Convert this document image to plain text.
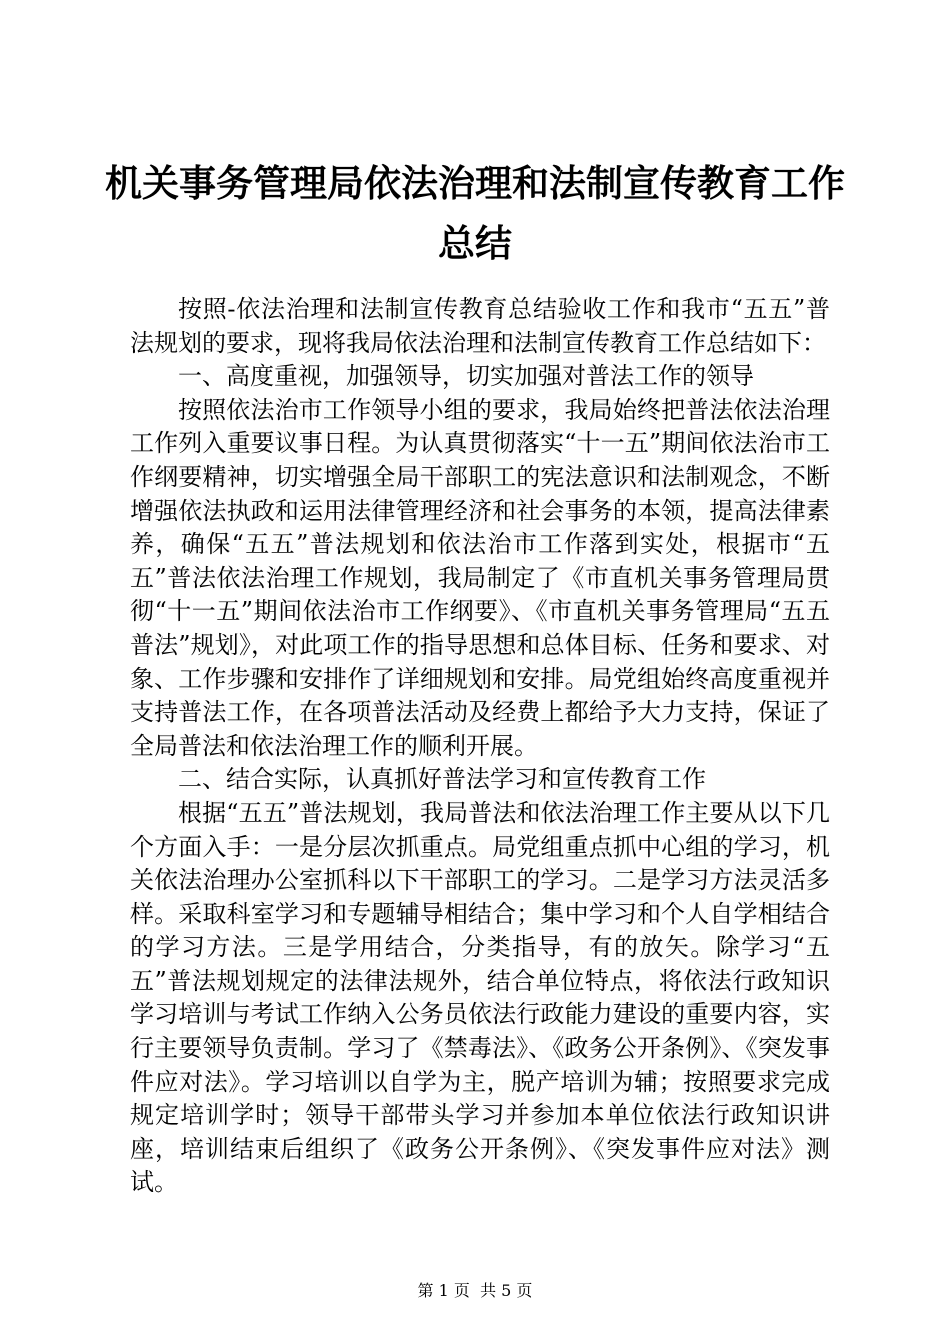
机关事务管理局依法治理和法制宣传教育工作
总结

按照-依法治理和法制宣传教育总结验收工作和我市“五五”普法规划的要求，现将我局依法治理和法制宣传教育工作总结如下：

一、高度重视，加强领导，切实加强对普法工作的领导

按照依法治市工作领导小组的要求，我局始终把普法依法治理工作列入重要议事日程。为认真贯彻落实“十一五”期间依法治市工作纲要精神，切实增强全局干部职工的宪法意识和法制观念，不断增强依法执政和运用法律管理经济和社会事务的本领，提高法律素养，确保“五五”普法规划和依法治市工作落到实处，根据市“五五”普法依法治理工作规划，我局制定了《市直机关事务管理局贯彻“十一五”期间依法治市工作纲要》、《市直机关事务管理局“五五普法”规划》，对此项工作的指导思想和总体目标、任务和要求、对象、工作步骤和安排作了详细规划和安排。局党组始终高度重视并支持普法工作，在各项普法活动及经费上都给予大力支持，保证了全局普法和依法治理工作的顺利开展。

二、结合实际，认真抓好普法学习和宣传教育工作

根据“五五”普法规划，我局普法和依法治理工作主要从以下几个方面入手：一是分层次抓重点。局党组重点抓中心组的学习，机关依法治理办公室抓科以下干部职工的学习。二是学习方法灵活多样。采取科室学习和专题辅导相结合；集中学习和个人自学相结合的学习方法。三是学用结合，分类指导，有的放矢。除学习“五五”普法规划规定的法律法规外，结合单位特点，将依法行政知识学习培训与考试工作纳入公务员依法行政能力建设的重要内容，实行主要领导负责制。学习了《禁毒法》、《政务公开条例》、《突发事件应对法》。学习培训以自学为主，脱产培训为辅；按照要求完成规定培训学时；领导干部带头学习并参加本单位依法行政知识讲座，培训结束后组织了《政务公开条例》、《突发事件应对法》测试。

第 1 页  共 5 页
